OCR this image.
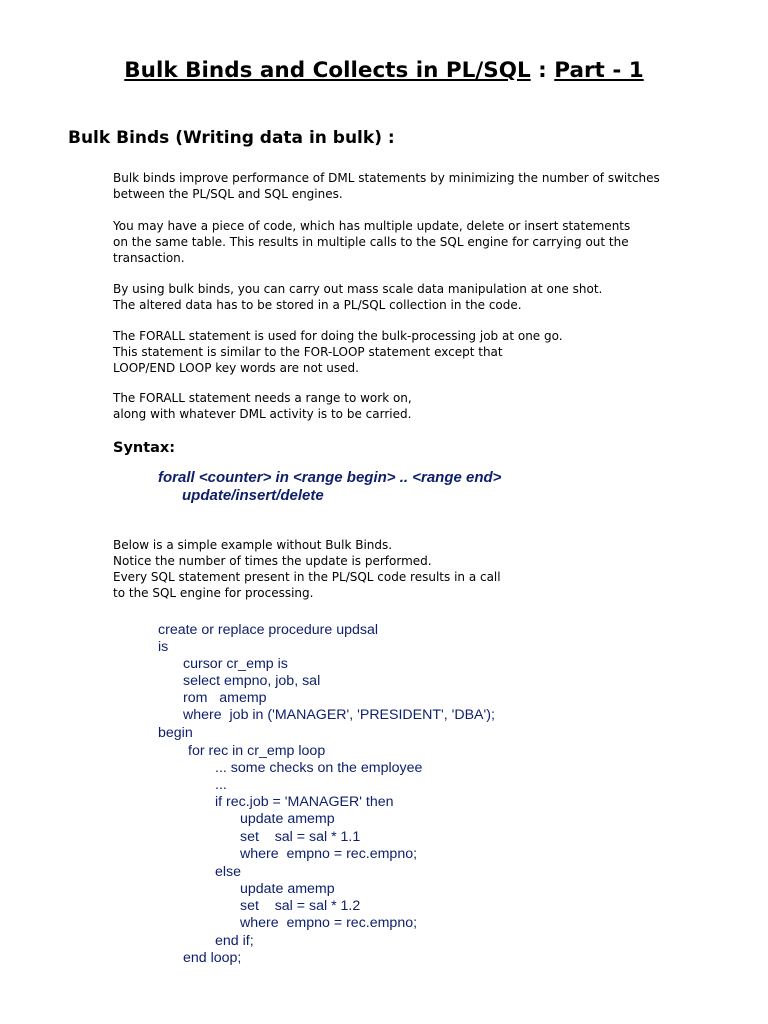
Bulk Binds and Collects in PL/SQL : Part - 1
Bulk Binds (Writing data in bulk) :
Bulk binds improve performance of DML statements by minimizing the number of switches
between the PL/SQL and SQL engines.
You may have a piece of code, which has multiple update, delete or insert statements
on the same table. This results in multiple calls to the SQL engine for carrying out the
transaction.
By using bulk binds, you can carry out mass scale data manipulation at one shot.
The altered data has to be stored in a PL/SQL collection in the code.
The FORALL statement is used for doing the bulk-processing job at one go.
This statement is similar to the FOR-LOOP statement except that
LOOP/END LOOP key words are not used.
The FORALL statement needs a range to work on,
along with whatever DML activity is to be carried.
Syntax:
forall <counter> in <range begin> .. <range end>
update/insert/delete
Below is a simple example without Bulk Binds.
Notice the number of times the update is performed.
Every SQL statement present in the PL/SQL code results in a call
to the SQL engine for processing.
create or replace procedure updsal
is
cursor cr_emp is
select empno, job, sal
rom   amemp
where  job in ('MANAGER', 'PRESIDENT', 'DBA');
begin
for rec in cr_emp loop
... some checks on the employee
...
if rec.job = 'MANAGER' then
update amemp
set    sal = sal * 1.1
where  empno = rec.empno;
else
update amemp
set    sal = sal * 1.2
where  empno = rec.empno;
end if;
end loop;
